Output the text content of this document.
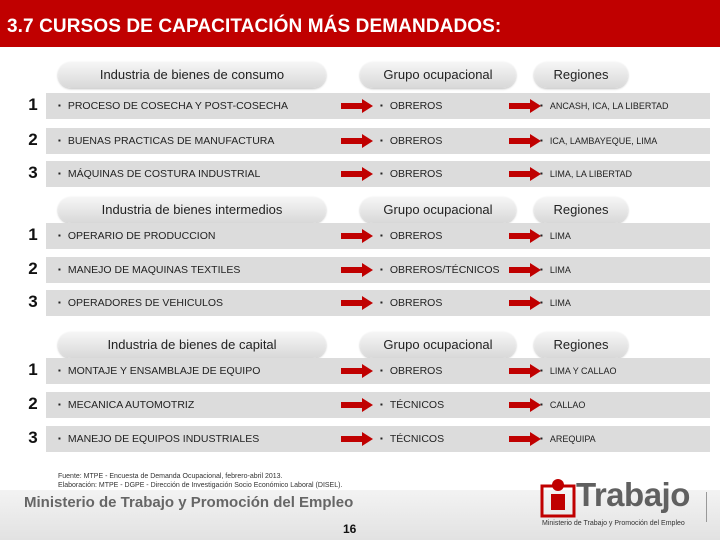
3.7 CURSOS DE CAPACITACIÓN MÁS DEMANDADOS:
Industria de bienes de consumo	Grupo ocupacional	Regiones
1	▪ PROCESO DE COSECHA Y POST-COSECHA	▪ OBREROS	▪ ANCASH, ICA, LA LIBERTAD
2	▪ BUENAS PRACTICAS DE MANUFACTURA	▪ OBREROS	▪ ICA, LAMBAYEQUE, LIMA
3	▪ MÁQUINAS DE COSTURA INDUSTRIAL	▪ OBREROS	▪ LIMA, LA LIBERTAD
Industria de bienes intermedios	Grupo ocupacional	Regiones
1	▪ OPERARIO DE PRODUCCION	▪ OBREROS	▪ LIMA
2	▪ MANEJO DE MAQUINAS TEXTILES	▪ OBREROS/TÉCNICOS	▪ LIMA
3	▪ OPERADORES DE VEHICULOS	▪ OBREROS	▪ LIMA
Industria de bienes de capital	Grupo ocupacional	Regiones
1	▪ MONTAJE Y ENSAMBLAJE DE EQUIPO	▪ OBREROS	▪ LIMA Y CALLAO
2	▪ MECANICA AUTOMOTRIZ	▪ TÉCNICOS	▪ CALLAO
3	▪ MANEJO DE EQUIPOS INDUSTRIALES	▪ TÉCNICOS	▪ AREQUIPA
Fuente: MTPE - Encuesta de Demanda Ocupacional, febrero-abril 2013.
Elaboración: MTPE - DGPE - Dirección de Investigación Socio Económico Laboral (DISEL).
Ministerio de Trabajo y Promoción del Empleo
16
Trabajo
Ministerio de Trabajo y Promoción del Empleo
